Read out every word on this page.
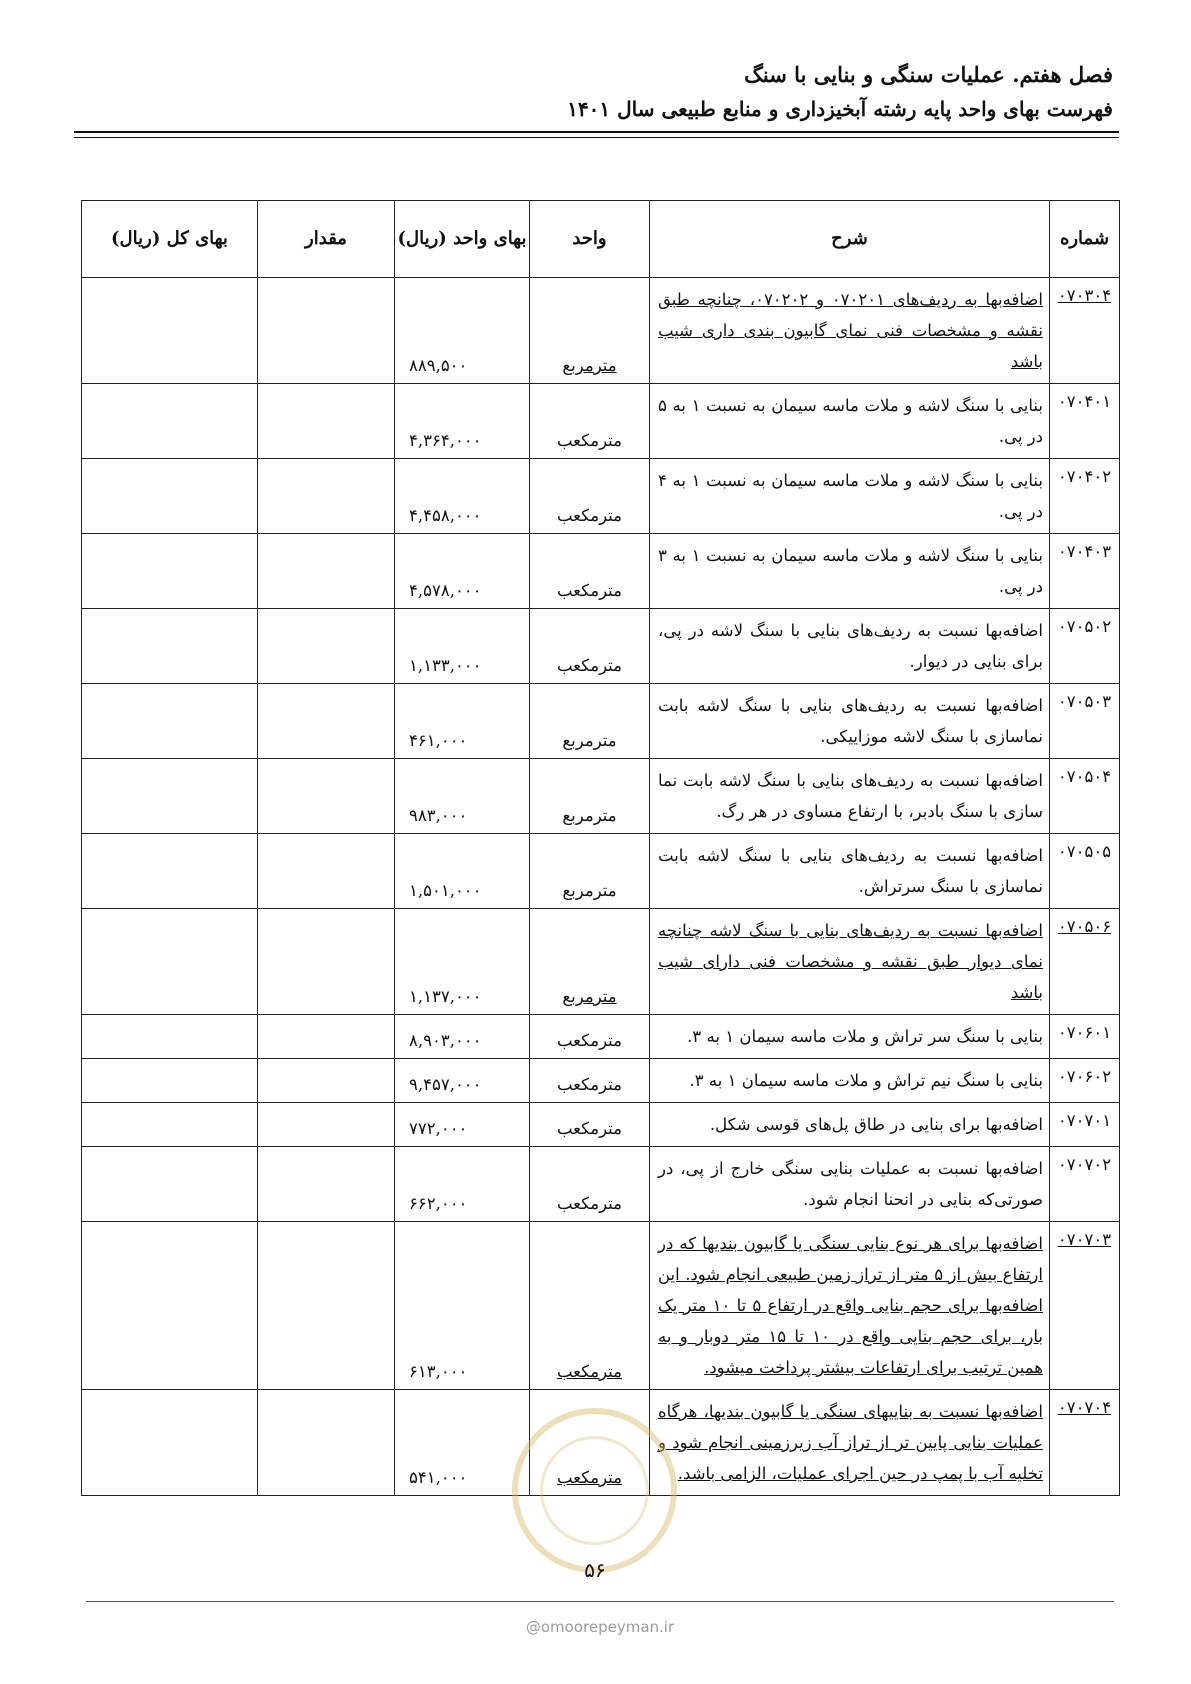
فصل هفتم. عملیات سنگی و بنایی با سنگ
فهرست بهای واحد پایه رشته آبخیزداری و منابع طبیعی سال ۱۴۰۱
شماره	شرح	واحد	بهای واحد (ریال)	مقدار	بهای کل (ریال)
۰۷۰۳۰۴	اضافه‌بها به ردیف‌های ۰۷۰۲۰۱ و ۰۷۰۲۰۲، چنانچه طبق نقشه و مشخصات فنی نمای گابیون بندی داری شیب باشد	مترمربع	۸۸۹,۵۰۰		
۰۷۰۴۰۱	بنایی با سنگ لاشه و ملات ماسه سیمان به نسبت ۱ به ۵ در پی.	مترمکعب	۴,۳۶۴,۰۰۰		
۰۷۰۴۰۲	بنایی با سنگ لاشه و ملات ماسه سیمان به نسبت ۱ به ۴ در پی.	مترمکعب	۴,۴۵۸,۰۰۰		
۰۷۰۴۰۳	بنایی با سنگ لاشه و ملات ماسه سیمان به نسبت ۱ به ۳ در پی.	مترمکعب	۴,۵۷۸,۰۰۰		
۰۷۰۵۰۲	اضافه‌بها نسبت به ردیف‌های بنایی با سنگ لاشه در پی، برای بنایی در دیوار.	مترمکعب	۱,۱۳۳,۰۰۰		
۰۷۰۵۰۳	اضافه‌بها نسبت به ردیف‌های بنایی با سنگ لاشه بابت نماسازی با سنگ لاشه موزاییکی.	مترمربع	۴۶۱,۰۰۰		
۰۷۰۵۰۴	اضافه‌بها نسبت به ردیف‌های بنایی با سنگ لاشه بابت نما سازی با سنگ بادبر، با ارتفاع مساوی در هر رگ.	مترمربع	۹۸۳,۰۰۰		
۰۷۰۵۰۵	اضافه‌بها نسبت به ردیف‌های بنایی با سنگ لاشه بابت نماسازی با سنگ سرتراش.	مترمربع	۱,۵۰۱,۰۰۰		
۰۷۰۵۰۶	اضافه‌بها نسبت به ردیف‌های بنایی با سنگ لاشه چنانچه نمای دیوار طبق نقشه و مشخصات فنی دارای شیب باشد	مترمربع	۱,۱۳۷,۰۰۰		
۰۷۰۶۰۱	بنایی با سنگ سر تراش و ملات ماسه سیمان ۱ به ۳.	مترمکعب	۸,۹۰۳,۰۰۰		
۰۷۰۶۰۲	بنایی با سنگ نیم تراش و ملات ماسه سیمان ۱ به ۳.	مترمکعب	۹,۴۵۷,۰۰۰		
۰۷۰۷۰۱	اضافه‌بها برای بنایی در طاق پل‌های قوسی شکل.	مترمکعب	۷۷۲,۰۰۰		
۰۷۰۷۰۲	اضافه‌بها نسبت به عملیات بنایی سنگی خارج از پی، در صورتی‌که بنایی در انحنا انجام شود.	مترمکعب	۶۶۲,۰۰۰		
۰۷۰۷۰۳	اضافه‌بها برای هر نوع بنایی سنگی یا گابیون بندیها که در ارتفاع بیش از ۵ متر از تراز زمین طبیعی انجام شود. این اضافه‌بها برای حجم بنایی واقع در ارتفاع ۵ تا ۱۰ متر یک بار، برای حجم بنایی واقع در ۱۰ تا ۱۵ متر دوبار و به همین ترتیب برای ارتفاعات بیشتر پرداخت میشود.	مترمکعب	۶۱۳,۰۰۰		
۰۷۰۷۰۴	اضافه‌بها نسبت به بناییهای سنگی یا گابیون بندیها، هرگاه عملیات بنایی پایین تر از تراز آب زیرزمینی انجام شود و تخلیه آب با پمپ در حین اجرای عملیات، الزامی باشد.	مترمکعب	۵۴۱,۰۰۰		
۵۶
@omoorepeyman.ir
